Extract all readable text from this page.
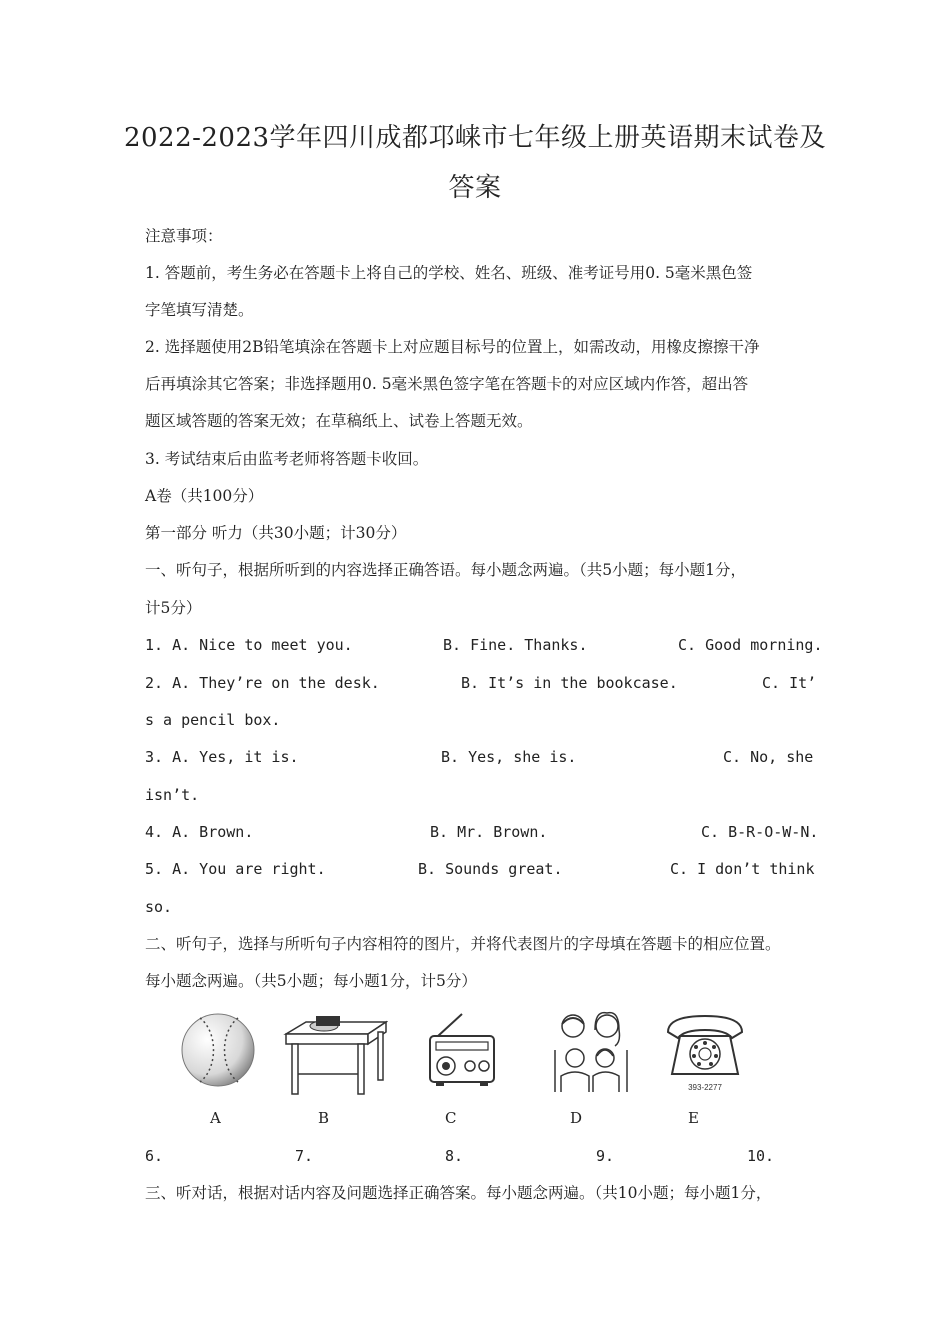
2022-2023学年四川成都邛崃市七年级上册英语期末试卷及
答案
注意事项：
1. 答题前，考生务必在答题卡上将自己的学校、姓名、班级、准考证号用0. 5毫米黑色签
字笔填写清楚。
2. 选择题使用2B铅笔填涂在答题卡上对应题目标号的位置上，如需改动，用橡皮擦擦干净
后再填涂其它答案；非选择题用0. 5毫米黑色签字笔在答题卡的对应区域内作答，超出答
题区域答题的答案无效；在草稿纸上、试卷上答题无效。
3. 考试结束后由监考老师将答题卡收回。
A卷（共100分）
第一部分 听力（共30小题；计30分）
一、听句子，根据所听到的内容选择正确答语。每小题念两遍。（共5小题；每小题1分，
计5分）
1. A. Nice to meet you.	B. Fine. Thanks.	C. Good morning.
2. A. They’re on the desk.	B. It’s in the bookcase.	C. It’
s a pencil box.
3. A. Yes, it is.	B. Yes, she is.	C. No, she
isn’t.
4. A. Brown.	B. Mr. Brown.	C. B-R-O-W-N.
5. A. You are right.	B. Sounds great.	C. I don’t think
so.
二、听句子，选择与所听句子内容相符的图片，并将代表图片的字母填在答题卡的相应位置。
每小题念两遍。（共5小题；每小题1分，计5分）
393-2277
A	B	C	D	E
6.	7.	8.	9.	10.
三、听对话，根据对话内容及问题选择正确答案。每小题念两遍。（共10小题；每小题1分，
